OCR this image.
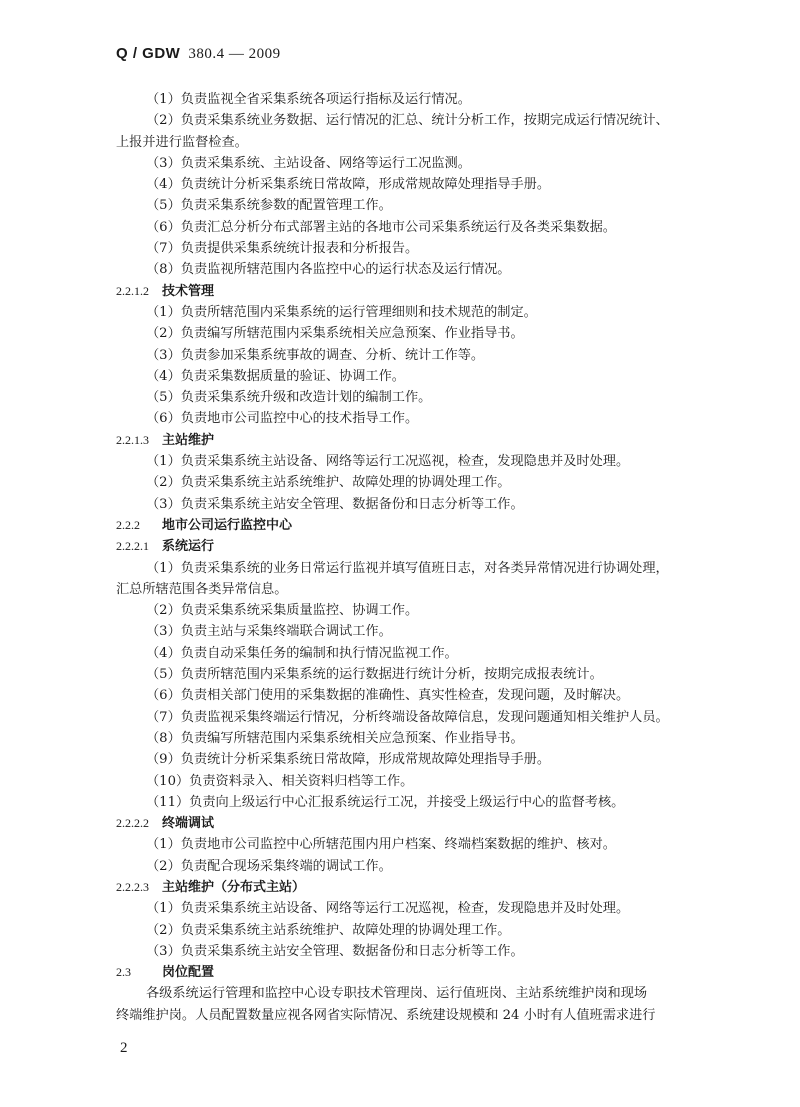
Q / GDW 380.4 — 2009
（1）负责监视全省采集系统各项运行指标及运行情况。
（2）负责采集系统业务数据、运行情况的汇总、统计分析工作，按期完成运行情况统计、
上报并进行监督检查。
（3）负责采集系统、主站设备、网络等运行工况监测。
（4）负责统计分析采集系统日常故障，形成常规故障处理指导手册。
（5）负责采集系统参数的配置管理工作。
（6）负责汇总分析分布式部署主站的各地市公司采集系统运行及各类采集数据。
（7）负责提供采集系统统计报表和分析报告。
（8）负责监视所辖范围内各监控中心的运行状态及运行情况。
2.2.1.2 技术管理
（1）负责所辖范围内采集系统的运行管理细则和技术规范的制定。
（2）负责编写所辖范围内采集系统相关应急预案、作业指导书。
（3）负责参加采集系统事故的调查、分析、统计工作等。
（4）负责采集数据质量的验证、协调工作。
（5）负责采集系统升级和改造计划的编制工作。
（6）负责地市公司监控中心的技术指导工作。
2.2.1.3 主站维护
（1）负责采集系统主站设备、网络等运行工况巡视，检查，发现隐患并及时处理。
（2）负责采集系统主站系统维护、故障处理的协调处理工作。
（3）负责采集系统主站安全管理、数据备份和日志分析等工作。
2.2.2 地市公司运行监控中心
2.2.2.1 系统运行
（1）负责采集系统的业务日常运行监视并填写值班日志，对各类异常情况进行协调处理，
汇总所辖范围各类异常信息。
（2）负责采集系统采集质量监控、协调工作。
（3）负责主站与采集终端联合调试工作。
（4）负责自动采集任务的编制和执行情况监视工作。
（5）负责所辖范围内采集系统的运行数据进行统计分析，按期完成报表统计。
（6）负责相关部门使用的采集数据的准确性、真实性检查，发现问题，及时解决。
（7）负责监视采集终端运行情况，分析终端设备故障信息，发现问题通知相关维护人员。
（8）负责编写所辖范围内采集系统相关应急预案、作业指导书。
（9）负责统计分析采集系统日常故障，形成常规故障处理指导手册。
（10）负责资料录入、相关资料归档等工作。
（11）负责向上级运行中心汇报系统运行工况，并接受上级运行中心的监督考核。
2.2.2.2 终端调试
（1）负责地市公司监控中心所辖范围内用户档案、终端档案数据的维护、核对。
（2）负责配合现场采集终端的调试工作。
2.2.2.3 主站维护（分布式主站）
（1）负责采集系统主站设备、网络等运行工况巡视，检查，发现隐患并及时处理。
（2）负责采集系统主站系统维护、故障处理的协调处理工作。
（3）负责采集系统主站安全管理、数据备份和日志分析等工作。
2.3 岗位配置
各级系统运行管理和监控中心设专职技术管理岗、运行值班岗、主站系统维护岗和现场
终端维护岗。人员配置数量应视各网省实际情况、系统建设规模和 24 小时有人值班需求进行
2
